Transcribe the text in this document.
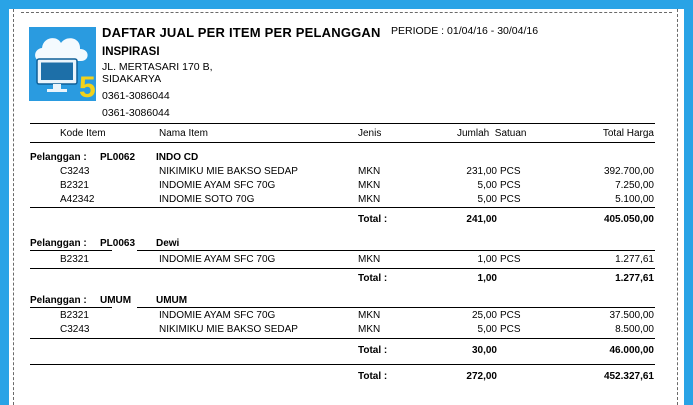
5
DAFTAR JUAL PER ITEM PER PELANGGAN PERIODE : 01/04/16 - 30/04/16
INSPIRASI
JL. MERTASARI 170 B,
SIDAKARYA
0361-3086044
0361-3086044
Kode Item	Nama Item	Jenis	Jumlah  Satuan	Total Harga
Pelanggan : PL0062 INDO CD
C3243	NIKIMIKU MIE BAKSO SEDAP	MKN	231,00 PCS	392.700,00
B2321	INDOMIE AYAM SFC 70G	MKN	5,00 PCS	7.250,00
A42342	INDOMIE SOTO 70G	MKN	5,00 PCS	5.100,00
Total :	241,00	405.050,00
Pelanggan : PL0063 Dewi
B2321	INDOMIE AYAM SFC 70G	MKN	1,00 PCS	1.277,61
Total :	1,00	1.277,61
Pelanggan : UMUM UMUM
B2321	INDOMIE AYAM SFC 70G	MKN	25,00 PCS	37.500,00
C3243	NIKIMIKU MIE BAKSO SEDAP	MKN	5,00 PCS	8.500,00
Total :	30,00	46.000,00
Total :	272,00	452.327,61
